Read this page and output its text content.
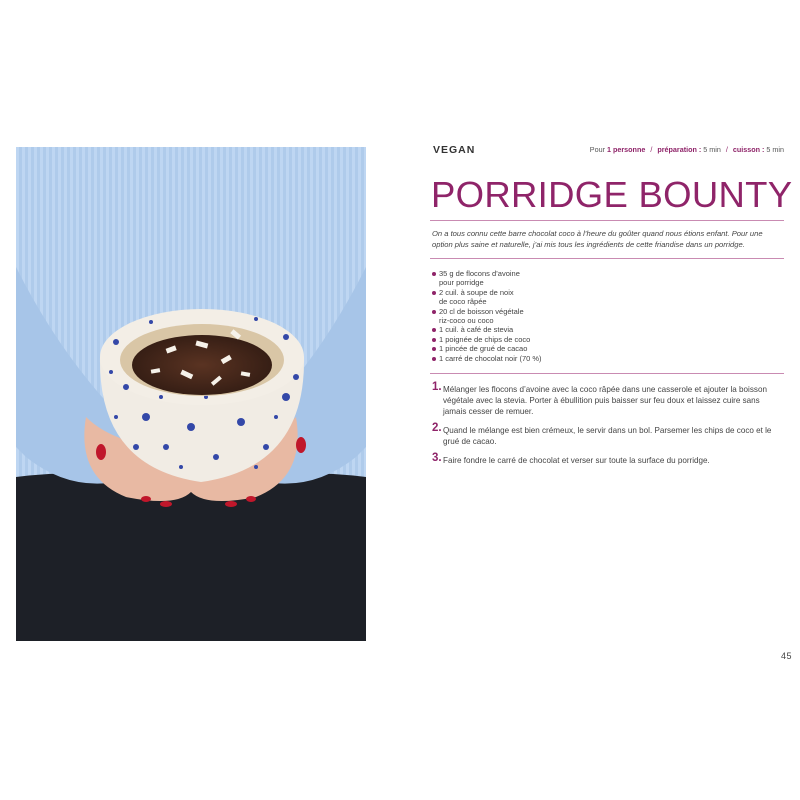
VEGAN	Pour 1 personne / préparation : 5 min / cuisson : 5 min
PORRIDGE BOUNTY

On a tous connu cette barre chocolat coco à l’heure du goûter quand nous étions enfant. Pour une option plus saine et naturelle, j’ai mis tous les ingrédients de cette friandise dans un porridge.

35 g de flocons d’avoine
pour porridge
2 cuil. à soupe de noix
de coco râpée
20 cl de boisson végétale
riz-coco ou coco
1 cuil. à café de stevia
1 poignée de chips de coco
1 pincée de grué de cacao
1 carré de chocolat noir (70 %)
1 . Mélanger les flocons d’avoine avec la coco râpée dans une casserole et ajouter la boisson végétale avec la stevia. Porter à ébullition puis baisser sur feu doux et laissez cuire sans jamais cesser de remuer.
2 . Quand le mélange est bien crémeux, le servir dans un bol. Parsemer les chips de coco et le grué de cacao.
3 . Faire fondre le carré de chocolat et verser sur toute la surface du porridge.
45
